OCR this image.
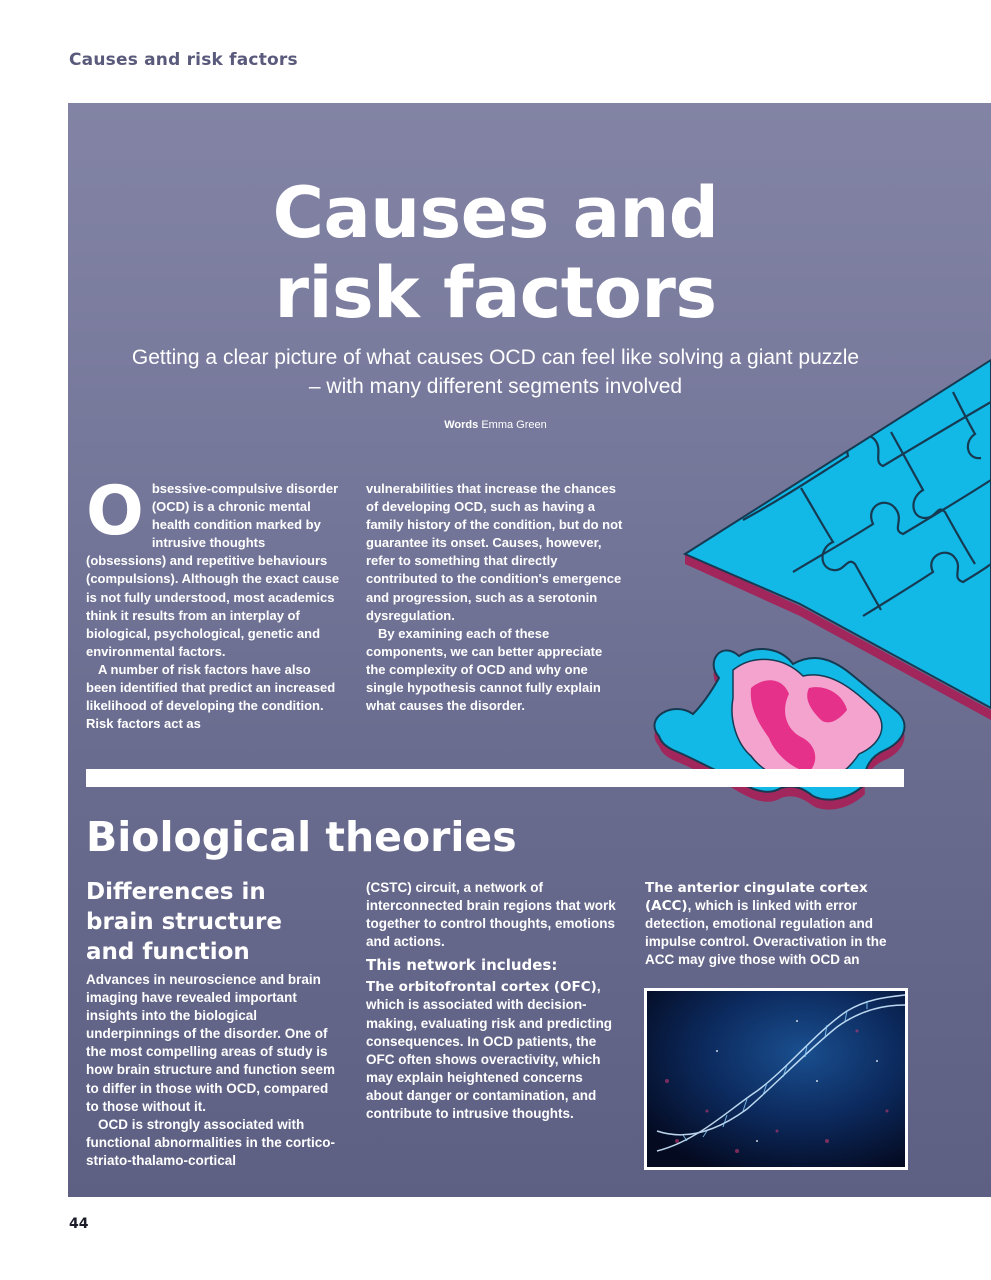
Causes and risk factors
Causes and
risk factors
Getting a clear picture of what causes OCD can feel like solving a giant puzzle – with many different segments involved
Words Emma Green
O bsessive-compulsive disorder (OCD) is a chronic mental health condition marked by intrusive thoughts (obsessions) and repetitive behaviours (compulsions). Although the exact cause is not fully understood, most academics think it results from an interplay of biological, psychological, genetic and environmental factors.

A number of risk factors have also been identified that predict an increased likelihood of developing the condition. Risk factors act as

vulnerabilities that increase the chances of developing OCD, such as having a family history of the condition, but do not guarantee its onset. Causes, however, refer to something that directly contributed to the condition's emergence and progression, such as a serotonin dysregulation.

By examining each of these components, we can better appreciate the complexity of OCD and why one single hypothesis cannot fully explain what causes the disorder.

Biological theories
Differences in brain structure and function

Advances in neuroscience and brain imaging have revealed important insights into the biological underpinnings of the disorder. One of the most compelling areas of study is how brain structure and function seem to differ in those with OCD, compared to those without it.

OCD is strongly associated with functional abnormalities in the cortico-striato-thalamo-cortical

(CSTC) circuit, a network of interconnected brain regions that work together to control thoughts, emotions and actions.

This network includes:

The orbitofrontal cortex (OFC), which is associated with decision-making, evaluating risk and predicting consequences. In OCD patients, the OFC often shows overactivity, which may explain heightened concerns about danger or contamination, and contribute to intrusive thoughts.

The anterior cingulate cortex (ACC), which is linked with error detection, emotional regulation and impulse control. Overactivation in the ACC may give those with OCD an

44
